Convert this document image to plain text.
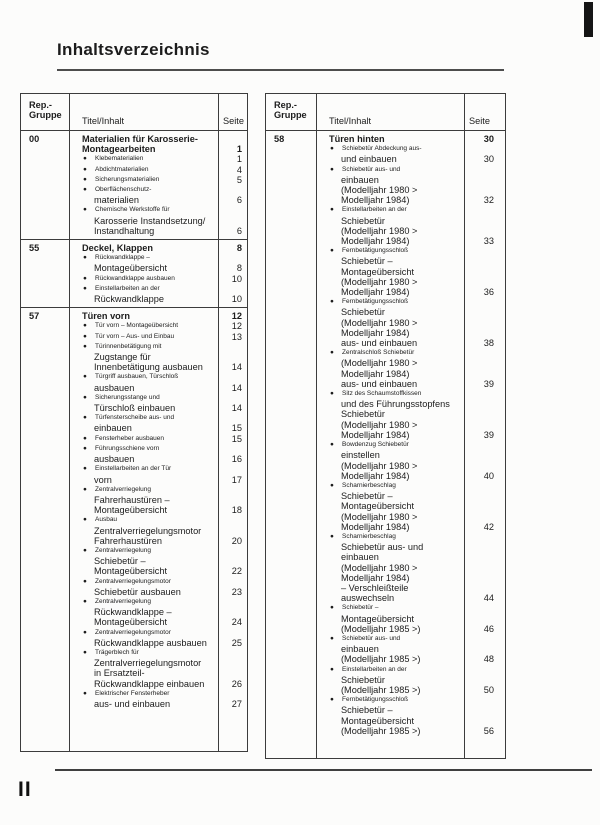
Inhaltsverzeichnis
Rep.-
Gruppe
Titel/Inhalt	Seite
00	Materialien für Karosserie-
Montagearbeiten	1
●	Klebematerialien	1
●	Abdichtmaterialien	4
●	Sicherungsmaterialien	5
●	Oberflächenschutz-
materialien	6
●	Chemische Werkstoffe für
Karosserie Instandsetzung/
Instandhaltung	6
55	Deckel, Klappen	8
●	Rückwandklappe –
Montageübersicht	8
●	Rückwandklappe ausbauen	10
●	Einstellarbeiten an der
Rückwandklappe	10
57	Türen vorn	12
●	Tür vorn – Montageübersicht	12
●	Tür vorn – Aus- und Einbau	13
●	Türinnenbetätigung mit
Zugstange für
Innenbetätigung ausbauen	14
●	Türgriff ausbauen, Türschloß
ausbauen	14
●	Sicherungsstange und
Türschloß einbauen	14
●	Türfensterscheibe aus- und
einbauen	15
●	Fensterheber ausbauen	15
●	Führungsschiene vorn
ausbauen	16
●	Einstellarbeiten an der Tür
vorn	17
●	Zentralverriegelung
Fahrerhaustüren –
Montageübersicht	18
●	Ausbau
Zentralverriegelungsmotor
Fahrerhaustüren	20
●	Zentralverriegelung
Schiebetür –
Montageübersicht	22
●	Zentralverriegelungsmotor
Schiebetür ausbauen	23
●	Zentralverriegelung
Rückwandklappe –
Montageübersicht	24
●	Zentralverriegelungsmotor
Rückwandklappe ausbauen	25
●	Trägerblech für
Zentralverriegelungsmotor
in Ersatzteil-
Rückwandklappe einbauen	26
●	Elektrischer Fensterheber
aus- und einbauen	27
Rep.-
Gruppe
Titel/Inhalt	Seite
58	Türen hinten	30
●	Schiebetür Abdeckung aus-
und einbauen	30
●	Schiebetür aus- und
einbauen
(Modelljahr 1980 >
Modelljahr 1984)	32
●	Einstellarbeiten an der
Schiebetür
(Modelljahr 1980 >
Modelljahr 1984)	33
●	Fernbetätigungsschloß
Schiebetür –
Montageübersicht
(Modelljahr 1980 >
Modelljahr 1984)	36
●	Fernbetätigungsschloß
Schiebetür
(Modelljahr 1980 >
Modelljahr 1984)
aus- und einbauen	38
●	Zentralschloß Schiebetür
(Modelljahr 1980 >
Modelljahr 1984)
aus- und einbauen	39
●	Sitz des Schaumstoffkissen
und des Führungsstopfens
Schiebetür
(Modelljahr 1980 >
Modelljahr 1984)	39
●	Bowdenzug Schiebetür
einstellen
(Modelljahr 1980 >
Modelljahr 1984)	40
●	Scharnierbeschlag
Schiebetür –
Montageübersicht
(Modelljahr 1980 >
Modelljahr 1984)	42
●	Scharnierbeschlag
Schiebetür aus- und
einbauen
(Modelljahr 1980 >
Modelljahr 1984)
– Verschleißteile
auswechseln	44
●	Schiebetür –
Montageübersicht
(Modelljahr 1985 >)	46
●	Schiebetür aus- und
einbauen
(Modelljahr 1985 >)	48
●	Einstellarbeiten an der
Schiebetür
(Modelljahr 1985 >)	50
●	Fernbetätigungsschloß
Schiebetür –
Montageübersicht
(Modelljahr 1985 >)	56
II
